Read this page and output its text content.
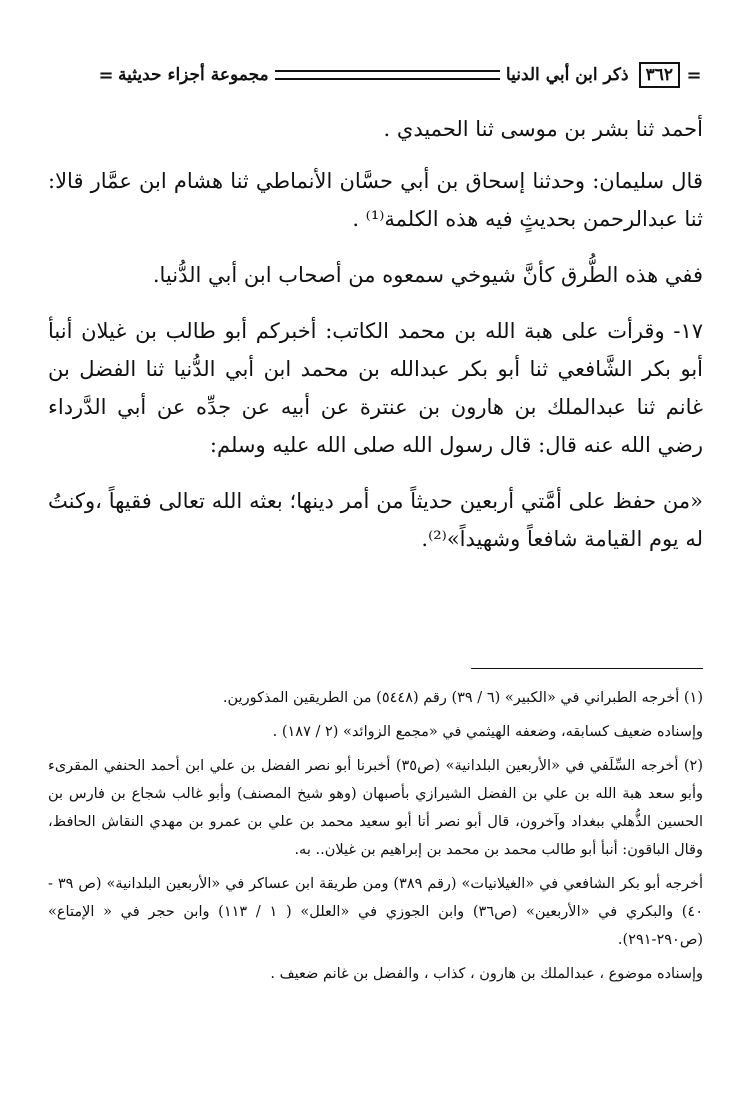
=
٣٦٢
ذكر ابن أبي الدنيا
مجموعة أجزاء حديثية
=

أحمد ثنا بشر بن موسى ثنا الحميدي .

قال سليمان: وحدثنا إسحاق بن أبي حسَّان الأنماطي ثنا هشام ابن عمَّار قالا: ثنا عبدالرحمن بحديثٍ فيه هذه الكلمة⁽¹⁾ .

ففي هذه الطُّرق كأنَّ شيوخي سمعوه من أصحاب ابن أبي الدُّنيا.

١٧- وقرأت على هبة الله بن محمد الكاتب: أخبركم أبو طالب بن غيلان أنبأ أبو بكر الشَّافعي ثنا أبو بكر عبدالله بن محمد ابن أبي الدُّنيا ثنا الفضل بن غانم ثنا عبدالملك بن هارون بن عنترة عن أبيه عن جدِّه عن أبي الدَّرداء رضي الله عنه قال: قال رسول الله صلى الله عليه وسلم:

«من حفظ على أمَّتي أربعين حديثاً من أمر دينها؛ بعثه الله تعالى فقيهاً ،وكنتُ له يوم القيامة شافعاً وشهيداً»⁽²⁾.

(١) أخرجه الطبراني في «الكبير» (٦ / ٣٩) رقم (٥٤٤٨) من الطريقين المذكورين.

وإسناده ضعيف كسابقه، وضعفه الهيثمي في «مجمع الزوائد» (٢ / ١٨٧) .

(٢) أخرجه السِّلَفي في «الأربعين البلدانية» (ص٣٥) أخبرنا أبو نصر الفضل بن علي ابن أحمد الحنفي المقرىء وأبو سعد هبة الله بن علي بن الفضل الشيرازي بأصبهان (وهو شيخ المصنف) وأبو غالب شجاع بن فارس بن الحسين الذُّهلي ببغداد وآخرون، قال أبو نصر أنا أبو سعيد محمد بن علي بن عمرو بن مهدي النقاش الحافظ، وقال الباقون: أنبأ أبو طالب محمد بن محمد بن إبراهيم بن غيلان.. به.

أخرجه أبو بكر الشافعي في «الغيلانيات» (رقم ٣٨٩) ومن طريقة ابن عساكر في «الأربعين البلدانية» (ص ٣٩ - ٤٠) والبكري في «الأربعين» (ص٣٦) وابن الجوزي في «العلل» ( ١ / ١١٣) وابن حجر في « الإمتاع» (ص٢٩٠-٢٩١).

وإسناده موضوع ، عبدالملك بن هارون ، كذاب ، والفضل بن غانم ضعيف .
